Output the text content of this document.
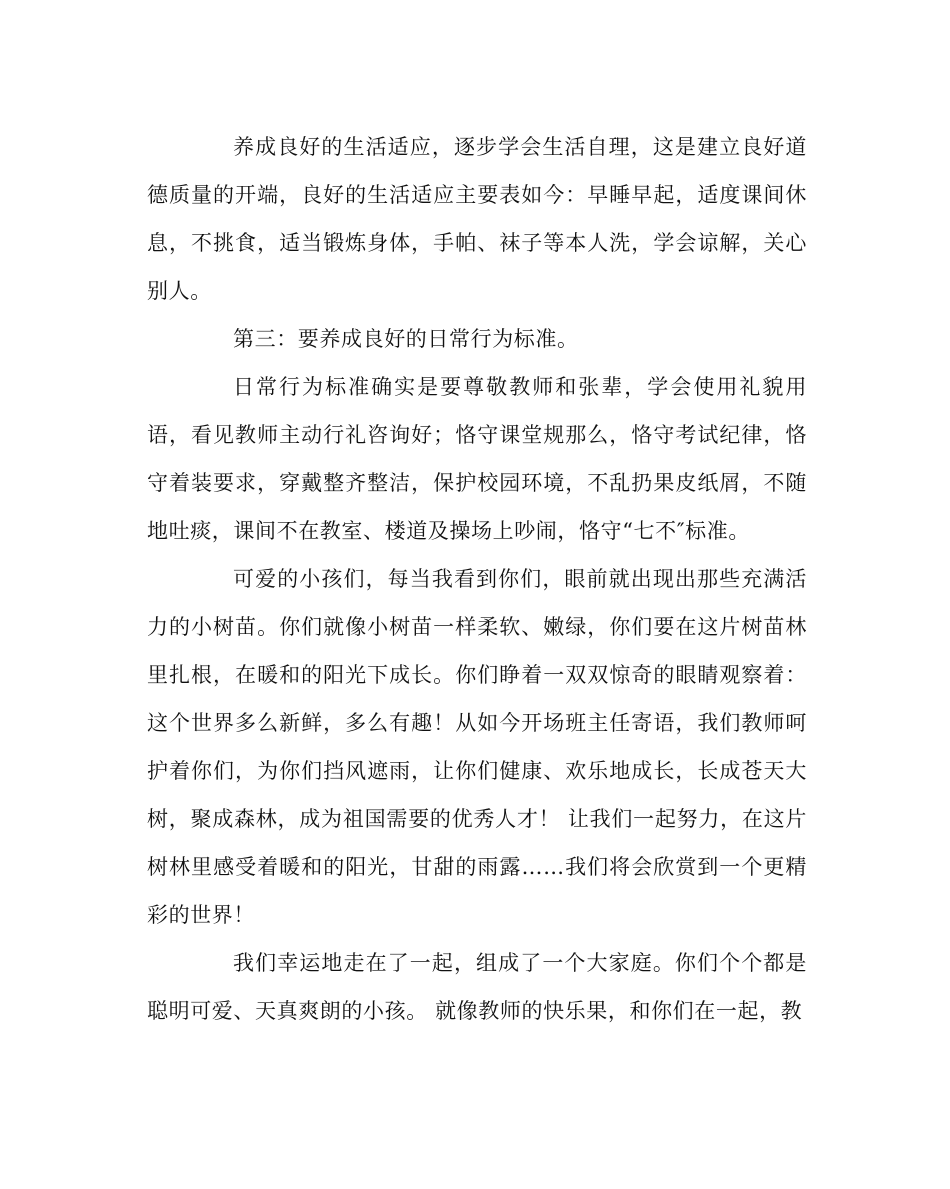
养成良好的生活适应，逐步学会生活自理，这是建立良好道德质量的开端，良好的生活适应主要表如今：早睡早起，适度课间休息，不挑食，适当锻炼身体，手帕、袜子等本人洗，学会谅解，关心别人。

第三：要养成良好的日常行为标准。

日常行为标准确实是要尊敬教师和张辈，学会使用礼貌用语，看见教师主动行礼咨询好；恪守课堂规那么，恪守考试纪律，恪守着装要求，穿戴整齐整洁，保护校园环境，不乱扔果皮纸屑，不随地吐痰，课间不在教室、楼道及操场上吵闹，恪守“七不″标准。

可爱的小孩们，每当我看到你们，眼前就出现出那些充满活力的小树苗。你们就像小树苗一样柔软、嫩绿，你们要在这片树苗林里扎根，在暖和的阳光下成长。你们睁着一双双惊奇的眼睛观察着：这个世界多么新鲜，多么有趣！从如今开场班主任寄语，我们教师呵护着你们，为你们挡风遮雨，让你们健康、欢乐地成长，长成苍天大树，聚成森林，成为祖国需要的优秀人才！ 让我们一起努力，在这片树林里感受着暖和的阳光，甘甜的雨露……我们将会欣赏到一个更精彩的世界！

我们幸运地走在了一起，组成了一个大家庭。你们个个都是聪明可爱、天真爽朗的小孩。 就像教师的快乐果，和你们在一起，教
